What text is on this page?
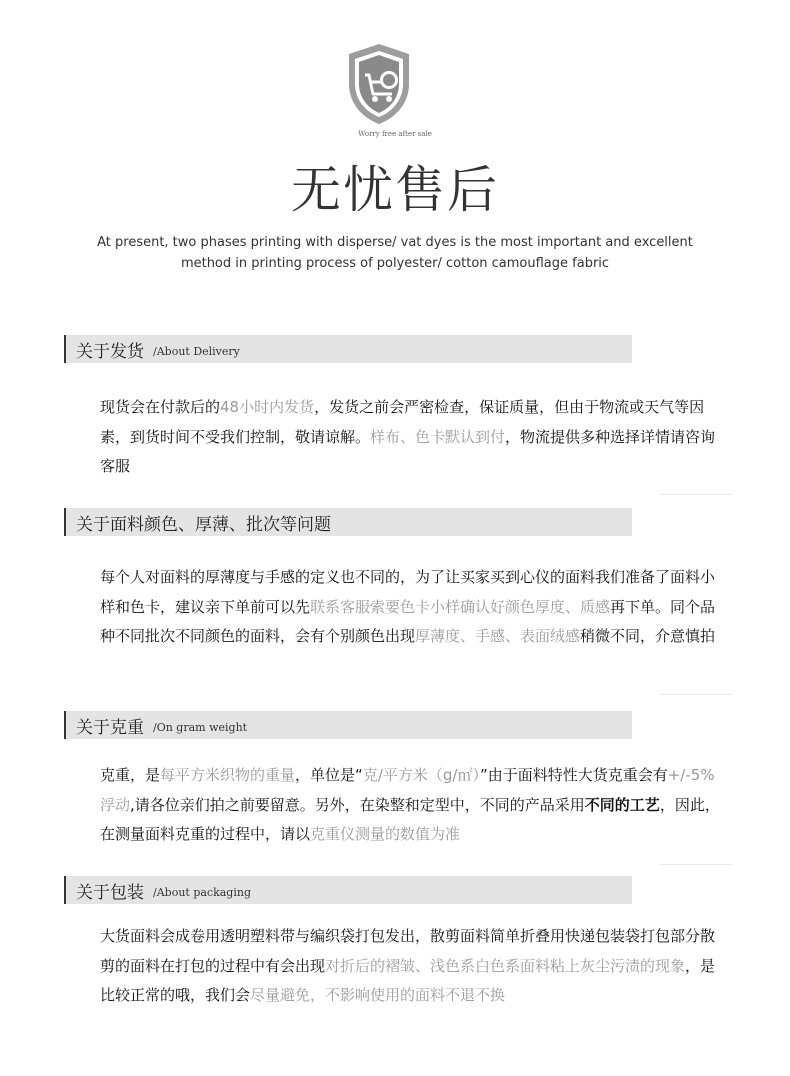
Worry free after sale
无忧售后
At present, two phases printing with disperse/ vat dyes is the most important and excellent method in printing process of polyester/ cotton camouflage fabric
关于发货 /About Delivery
现货会在付款后的48小时内发货，发货之前会严密检查，保证质量，但由于物流或天气等因素，到货时间不受我们控制，敬请谅解。样布、色卡默认到付，物流提供多种选择详情请咨询客服
关于面料颜色、厚薄、批次等问题
每个人对面料的厚薄度与手感的定义也不同的，为了让买家买到心仪的面料我们准备了面料小样和色卡，建议亲下单前可以先联系客服索要色卡小样确认好颜色厚度、质感再下单。同个品种不同批次不同颜色的面料，会有个别颜色出现厚薄度、手感、表面绒感稍微不同，介意慎拍
关于克重 /On gram weight
克重，是每平方米织物的重量，单位是“克/平方米（g/㎡）”由于面料特性大货克重会有+/-5%浮动,请各位亲们拍之前要留意。另外，在染整和定型中，不同的产品采用不同的工艺，因此，在测量面料克重的过程中，请以克重仪测量的数值为准
关于包装 /About packaging
大货面料会成卷用透明塑料带与编织袋打包发出，散剪面料简单折叠用快递包装袋打包部分散剪的面料在打包的过程中有会出现对折后的褶皱、浅色系白色系面料粘上灰尘污渍的现象，是比较正常的哦，我们会尽量避免，不影响使用的面料不退不换
